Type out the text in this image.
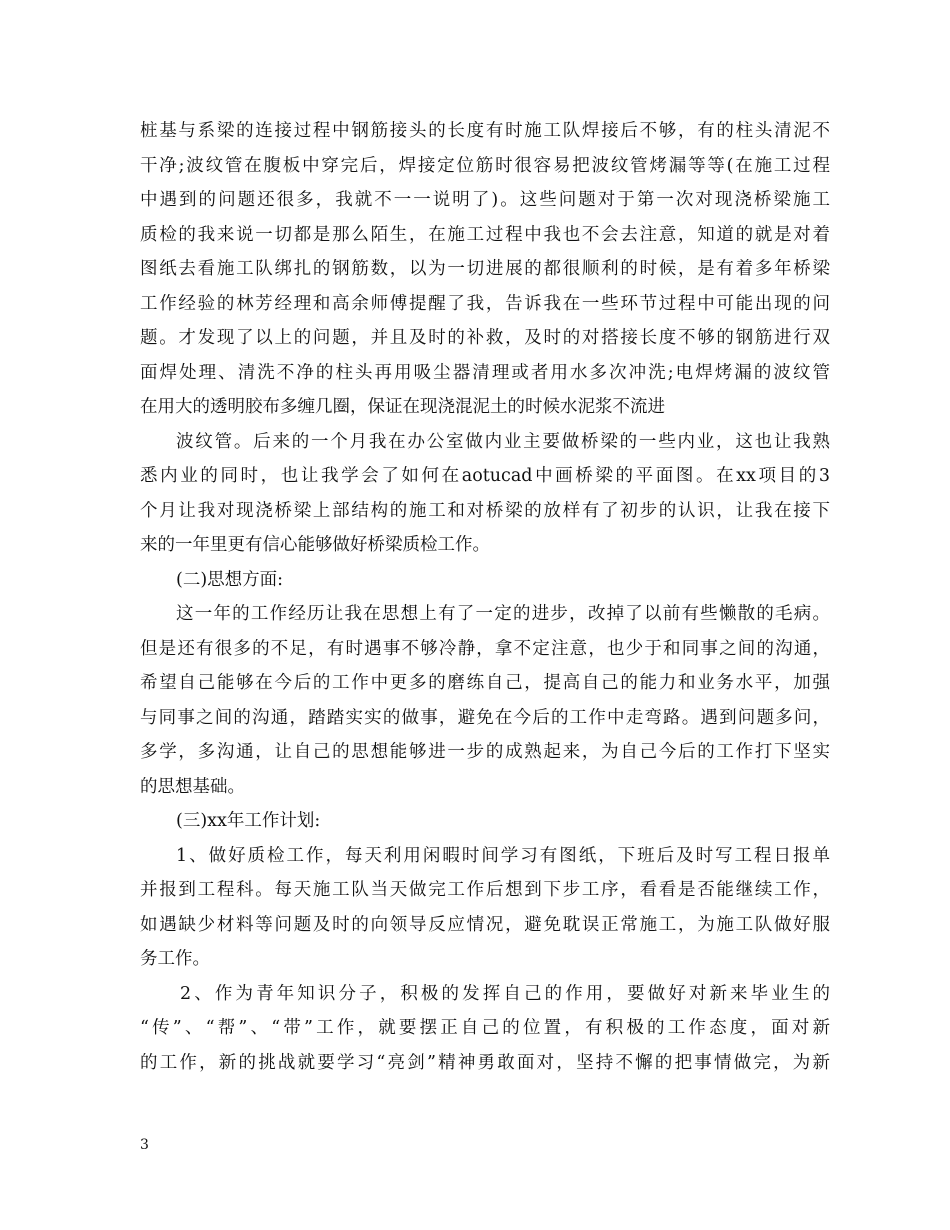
桩基与系梁的连接过程中钢筋接头的长度有时施工队焊接后不够，有的柱头清泥不
干净;波纹管在腹板中穿完后，焊接定位筋时很容易把波纹管烤漏等等(在施工过程
中遇到的问题还很多，我就不一一说明了)。这些问题对于第一次对现浇桥梁施工
质检的我来说一切都是那么陌生，在施工过程中我也不会去注意，知道的就是对着
图纸去看施工队绑扎的钢筋数，以为一切进展的都很顺利的时候，是有着多年桥梁
工作经验的林芳经理和高余师傅提醒了我，告诉我在一些环节过程中可能出现的问
题。才发现了以上的问题，并且及时的补救，及时的对搭接长度不够的钢筋进行双
面焊处理、清洗不净的柱头再用吸尘器清理或者用水多次冲洗;电焊烤漏的波纹管
在用大的透明胶布多缠几圈，保证在现浇混泥土的时候水泥浆不流进
波纹管。后来的一个月我在办公室做内业主要做桥梁的一些内业，这也让我熟
悉内业的同时，也让我学会了如何在aotucad中画桥梁的平面图。在xx项目的3
个月让我对现浇桥梁上部结构的施工和对桥梁的放样有了初步的认识，让我在接下
来的一年里更有信心能够做好桥梁质检工作。
(二)思想方面:
这一年的工作经历让我在思想上有了一定的进步，改掉了以前有些懒散的毛病。
但是还有很多的不足，有时遇事不够冷静，拿不定注意，也少于和同事之间的沟通，
希望自己能够在今后的工作中更多的磨练自己，提高自己的能力和业务水平，加强
与同事之间的沟通，踏踏实实的做事，避免在今后的工作中走弯路。遇到问题多问，
多学，多沟通，让自己的思想能够进一步的成熟起来，为自己今后的工作打下坚实
的思想基础。
(三)xx年工作计划:
1、做好质检工作，每天利用闲暇时间学习有图纸，下班后及时写工程日报单
并报到工程科。每天施工队当天做完工作后想到下步工序，看看是否能继续工作，
如遇缺少材料等问题及时的向领导反应情况，避免耽误正常施工，为施工队做好服
务工作。
2、作为青年知识分子，积极的发挥自己的作用，要做好对新来毕业生的
“传”、“帮”、“带”工作，就要摆正自己的位置，有积极的工作态度，面对新
的工作，新的挑战就要学习“亮剑”精神勇敢面对，坚持不懈的把事情做完，为新
3
